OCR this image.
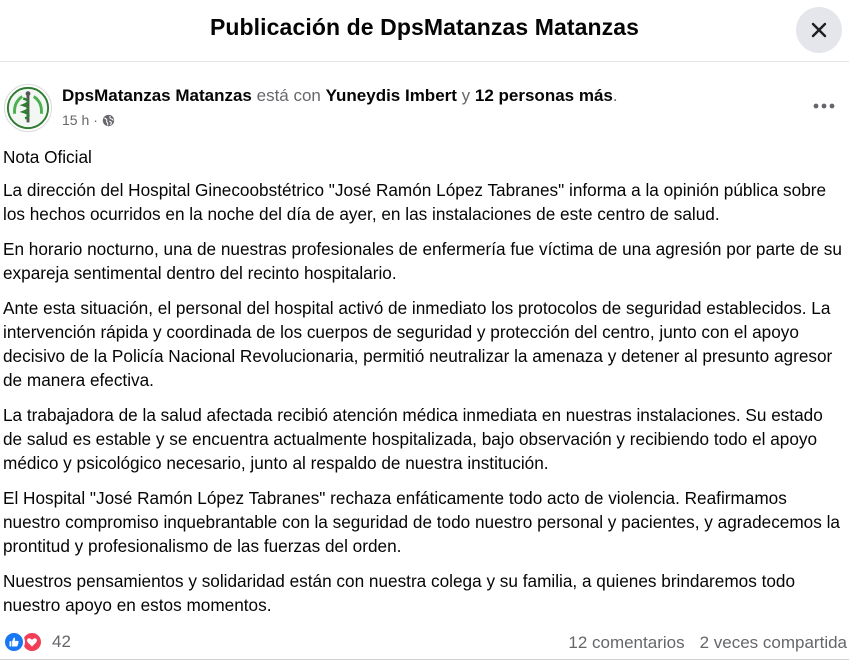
Publicación de DpsMatanzas Matanzas
DpsMatanzas Matanzas está con Yuneydis Imbert y 12 personas más.
15 h ·

Nota Oficial

La dirección del Hospital Ginecoobstétrico "José Ramón López Tabranes" informa a la opinión pública sobre los hechos ocurridos en la noche del día de ayer, en las instalaciones de este centro de salud.

En horario nocturno, una de nuestras profesionales de enfermería fue víctima de una agresión por parte de su expareja sentimental dentro del recinto hospitalario.

Ante esta situación, el personal del hospital activó de inmediato los protocolos de seguridad establecidos. La intervención rápida y coordinada de los cuerpos de seguridad y protección del centro, junto con el apoyo decisivo de la Policía Nacional Revolucionaria, permitió neutralizar la amenaza y detener al presunto agresor de manera efectiva.

La trabajadora de la salud afectada recibió atención médica inmediata en nuestras instalaciones. Su estado de salud es estable y se encuentra actualmente hospitalizada, bajo observación y recibiendo todo el apoyo médico y psicológico necesario, junto al respaldo de nuestra institución.

El Hospital "José Ramón López Tabranes" rechaza enfáticamente todo acto de violencia. Reafirmamos nuestro compromiso inquebrantable con la seguridad de todo nuestro personal y pacientes, y agradecemos la prontitud y profesionalismo de las fuerzas del orden.

Nuestros pensamientos y solidaridad están con nuestra colega y su familia, a quienes brindaremos todo nuestro apoyo en estos momentos.

42	12 comentarios 2 veces compartida
